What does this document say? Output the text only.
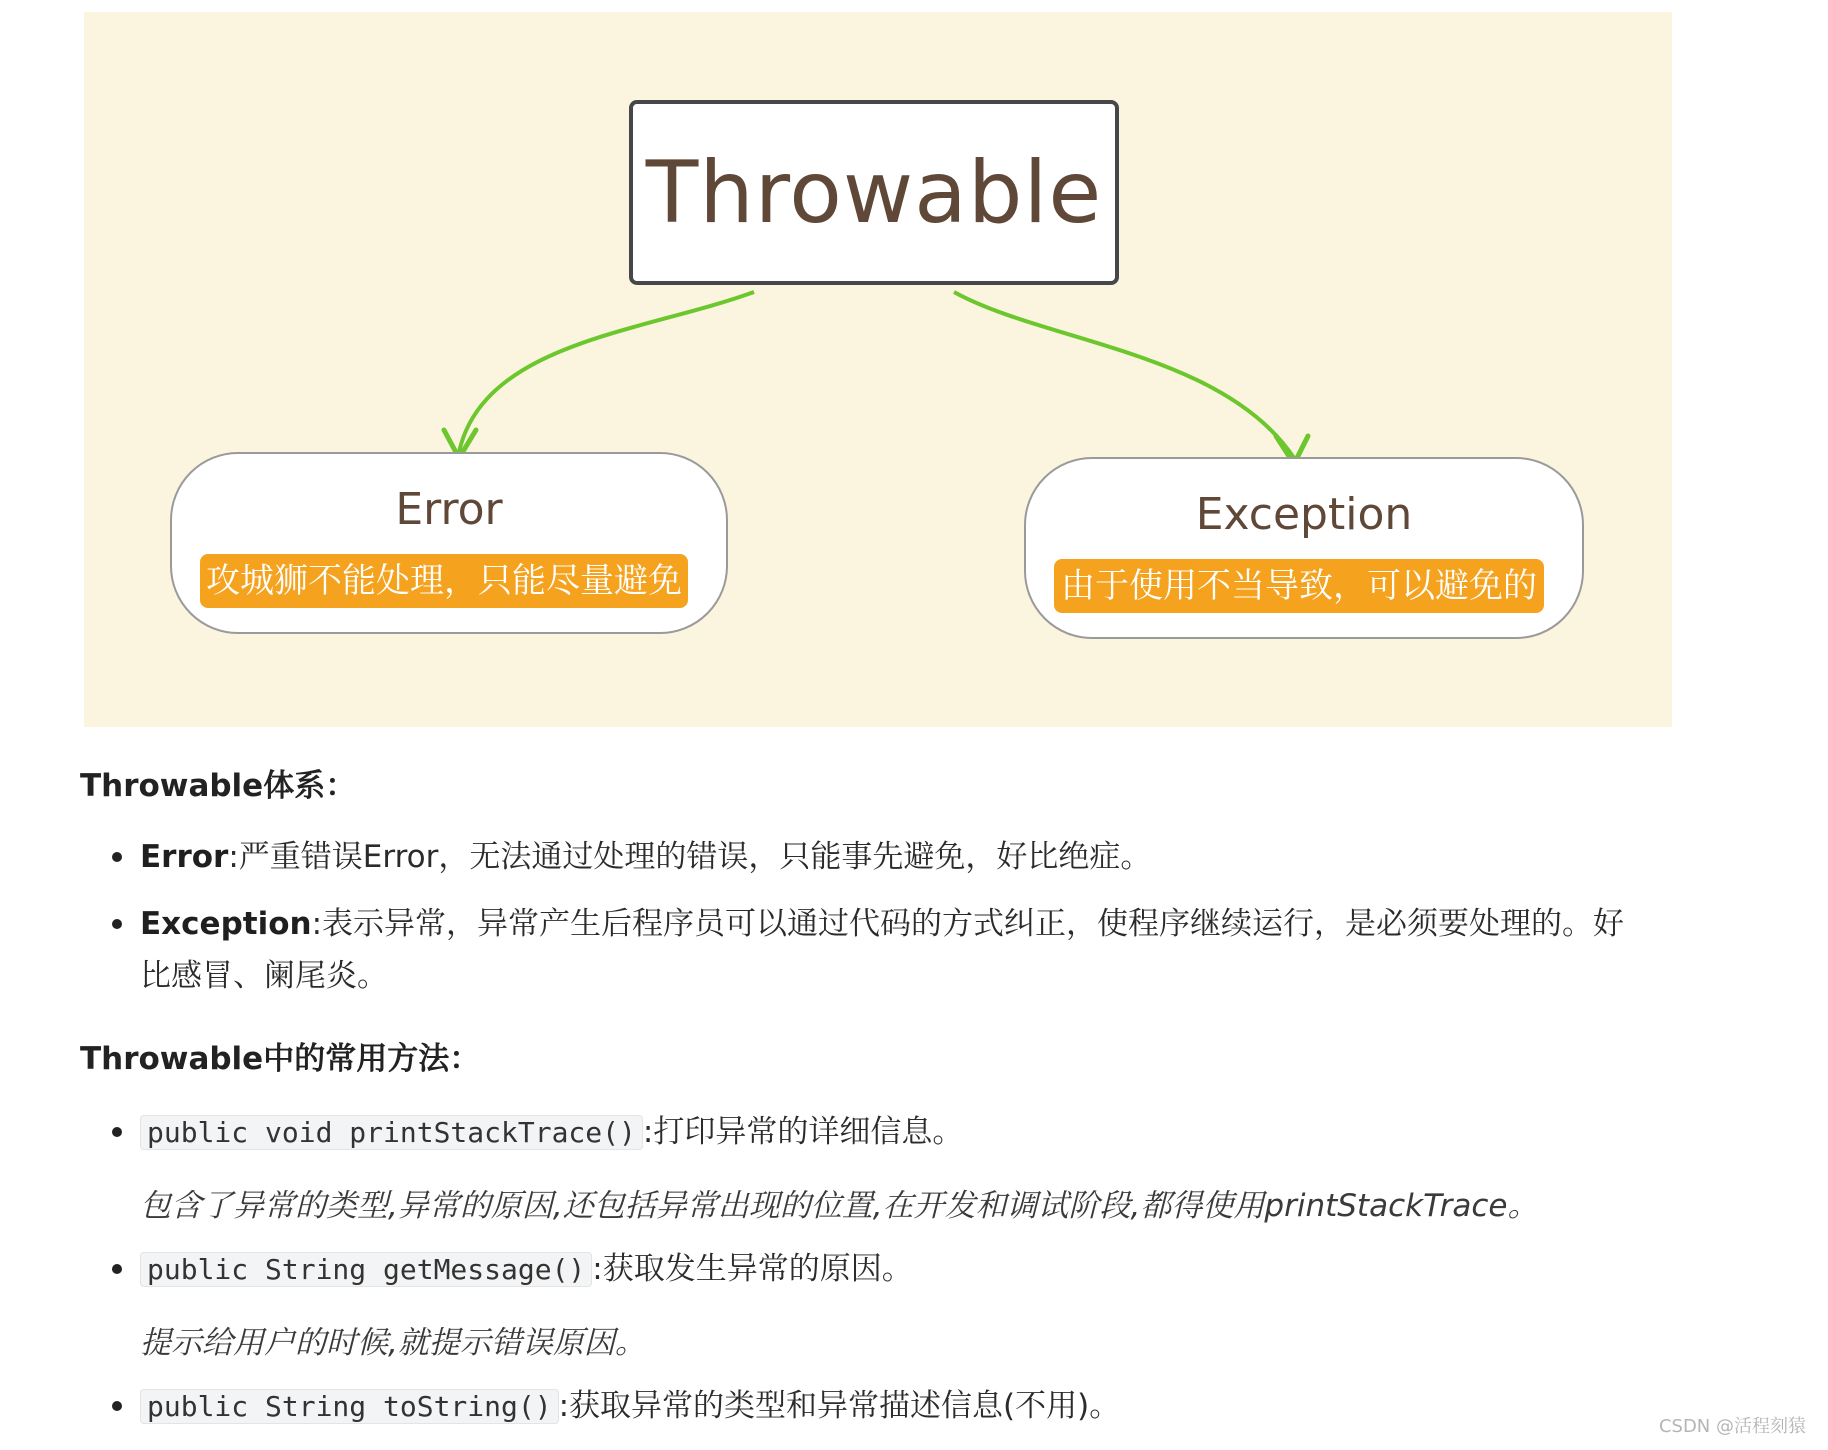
Throwable
Error
攻城狮不能处理，只能尽量避免
Exception
由于使用不当导致，可以避免的
Throwable体系：
Error:严重错误Error，无法通过处理的错误，只能事先避免，好比绝症。
Exception:表示异常，异常产生后程序员可以通过代码的方式纠正，使程序继续运行，是必须要处理的。好
比感冒、阑尾炎。
Throwable中的常用方法：
public void printStackTrace() :打印异常的详细信息。
包含了异常的类型,异常的原因,还包括异常出现的位置,在开发和调试阶段,都得使用printStackTrace。
public String getMessage() :获取发生异常的原因。
提示给用户的时候,就提示错误原因。
public String toString() :获取异常的类型和异常描述信息(不用)。
CSDN @活程刻猿
